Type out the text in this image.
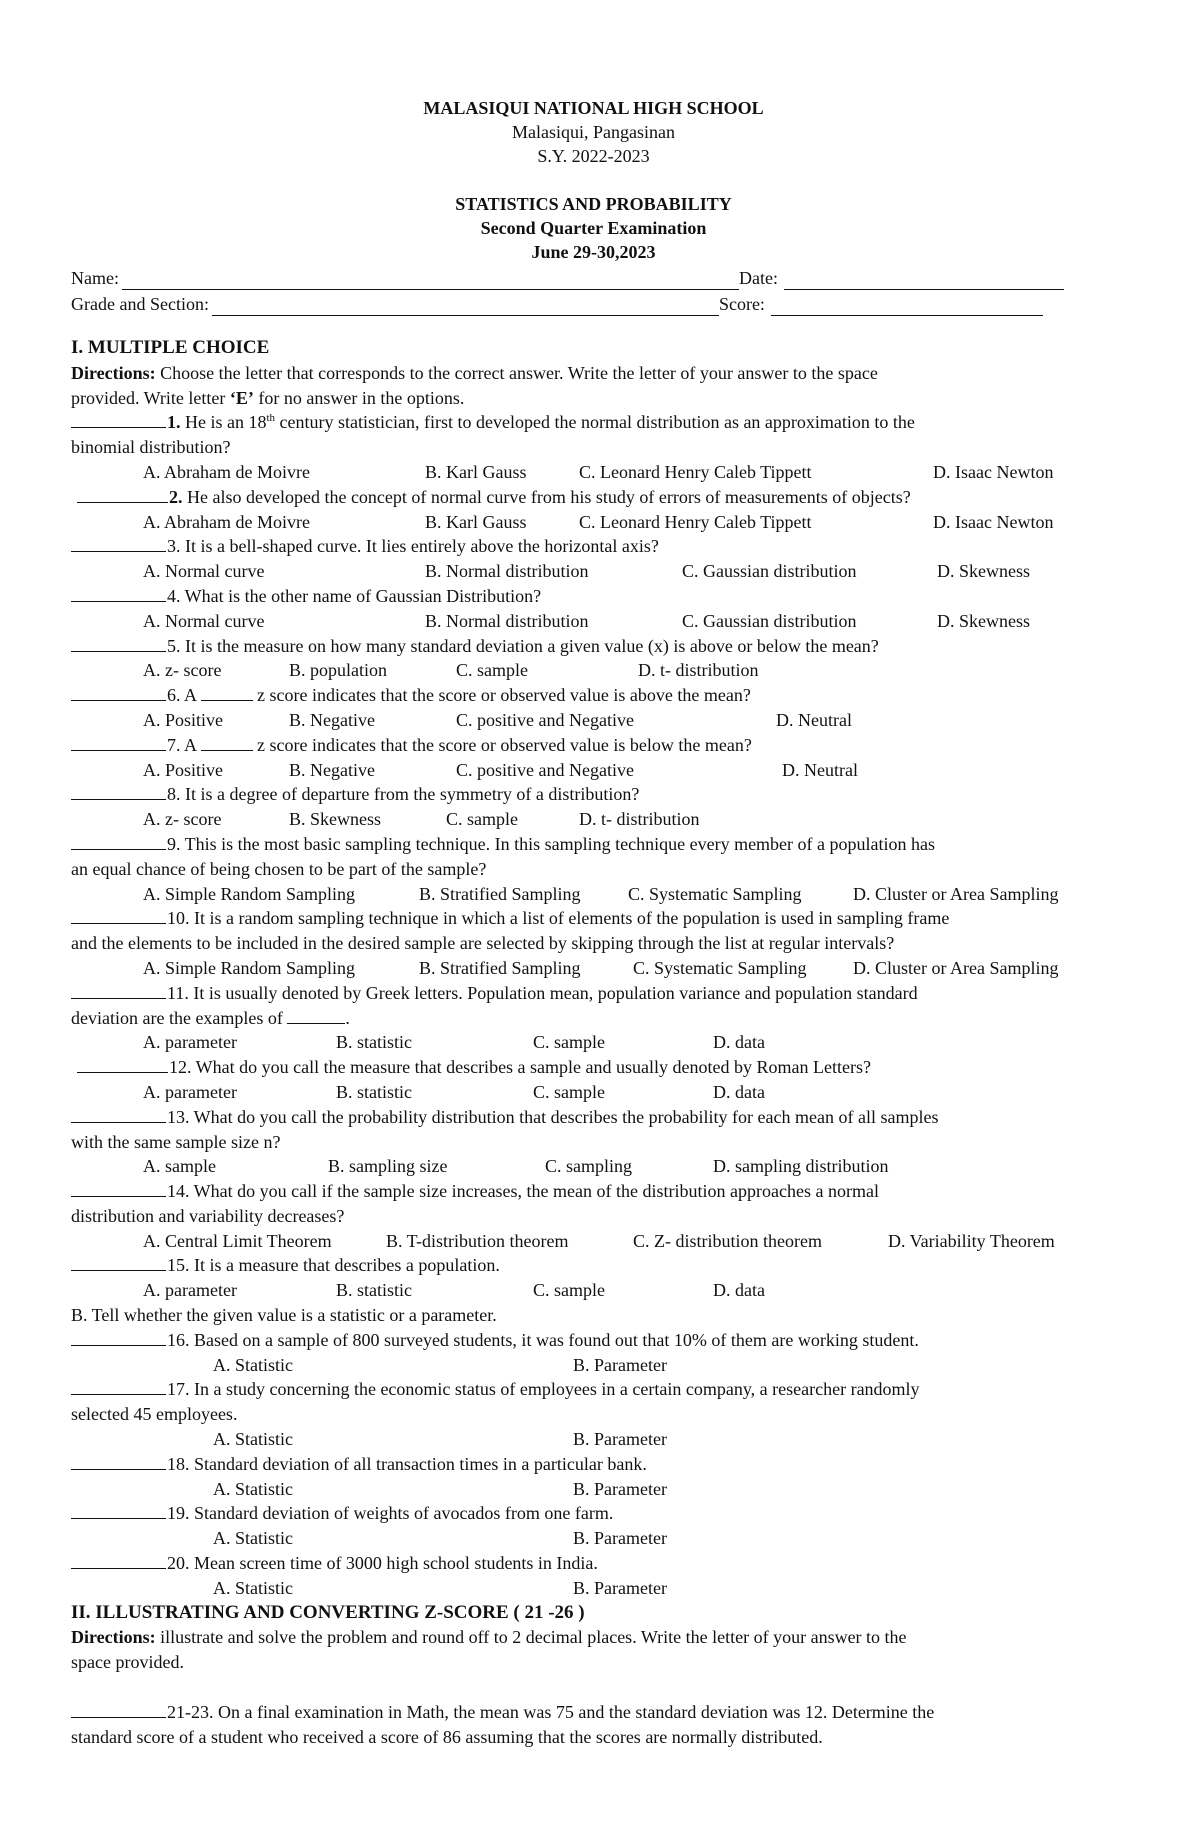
MALASIQUI NATIONAL HIGH SCHOOL
Malasiqui, Pangasinan
S.Y. 2022-2023
STATISTICS AND PROBABILITY
Second Quarter Examination
June 29-30,2023
Name:	Date:
Grade and Section:	Score:
I. MULTIPLE CHOICE
Directions: Choose the letter that corresponds to the correct answer. Write the letter of your answer to the space
provided. Write letter ‘E’ for no answer in the options.
1. He is an 18th century statistician, first to developed the normal distribution as an approximation to the
binomial distribution?
A. Abraham de Moivre	B. Karl Gauss	C. Leonard Henry Caleb Tippett	D. Isaac Newton
2. He also developed the concept of normal curve from his study of errors of measurements of objects?
A. Abraham de Moivre	B. Karl Gauss	C. Leonard Henry Caleb Tippett	D. Isaac Newton
3. It is a bell-shaped curve. It lies entirely above the horizontal axis?
A. Normal curve	B. Normal distribution	C. Gaussian distribution	D. Skewness
4. What is the other name of Gaussian Distribution?
A. Normal curve	B. Normal distribution	C. Gaussian distribution	D. Skewness
5. It is the measure on how many standard deviation a given value (x) is above or below the mean?
A. z- score	B. population	C. sample	D. t- distribution
6. A	z score indicates that the score or observed value is above the mean?
A. Positive	B. Negative	C. positive and Negative	D. Neutral
7. A	z score indicates that the score or observed value is below the mean?
A. Positive	B. Negative	C. positive and Negative	D. Neutral
8. It is a degree of departure from the symmetry of a distribution?
A. z- score	B. Skewness	C. sample	D. t- distribution
9. This is the most basic sampling technique. In this sampling technique every member of a population has
an equal chance of being chosen to be part of the sample?
A. Simple Random Sampling	B. Stratified Sampling	C. Systematic Sampling	D. Cluster or Area Sampling
10. It is a random sampling technique in which a list of elements of the population is used in sampling frame
and the elements to be included in the desired sample are selected by skipping through the list at regular intervals?
A. Simple Random Sampling	B. Stratified Sampling	C. Systematic Sampling	D. Cluster or Area Sampling
11. It is usually denoted by Greek letters. Population mean, population variance and population standard
deviation are the examples of	.
A. parameter	B. statistic	C. sample	D. data
12. What do you call the measure that describes a sample and usually denoted by Roman Letters?
A. parameter	B. statistic	C. sample	D. data
13. What do you call the probability distribution that describes the probability for each mean of all samples
with the same sample size n?
A. sample	B. sampling size	C. sampling	D. sampling distribution
14. What do you call if the sample size increases, the mean of the distribution approaches a normal
distribution and variability decreases?
A. Central Limit Theorem	B. T-distribution theorem	C. Z- distribution theorem	D. Variability Theorem
15. It is a measure that describes a population.
A. parameter	B. statistic	C. sample	D. data
B. Tell whether the given value is a statistic or a parameter.
16. Based on a sample of 800 surveyed students, it was found out that 10% of them are working student.
A. Statistic	B. Parameter
17. In a study concerning the economic status of employees in a certain company, a researcher randomly
selected 45 employees.
A. Statistic	B. Parameter
18. Standard deviation of all transaction times in a particular bank.
A. Statistic	B. Parameter
19. Standard deviation of weights of avocados from one farm.
A. Statistic	B. Parameter
20. Mean screen time of 3000 high school students in India.
A. Statistic	B. Parameter
II. ILLUSTRATING AND CONVERTING Z-SCORE ( 21 -26 )
Directions: illustrate and solve the problem and round off to 2 decimal places. Write the letter of your answer to the
space provided.
21-23. On a final examination in Math, the mean was 75 and the standard deviation was 12. Determine the
standard score of a student who received a score of 86 assuming that the scores are normally distributed.
